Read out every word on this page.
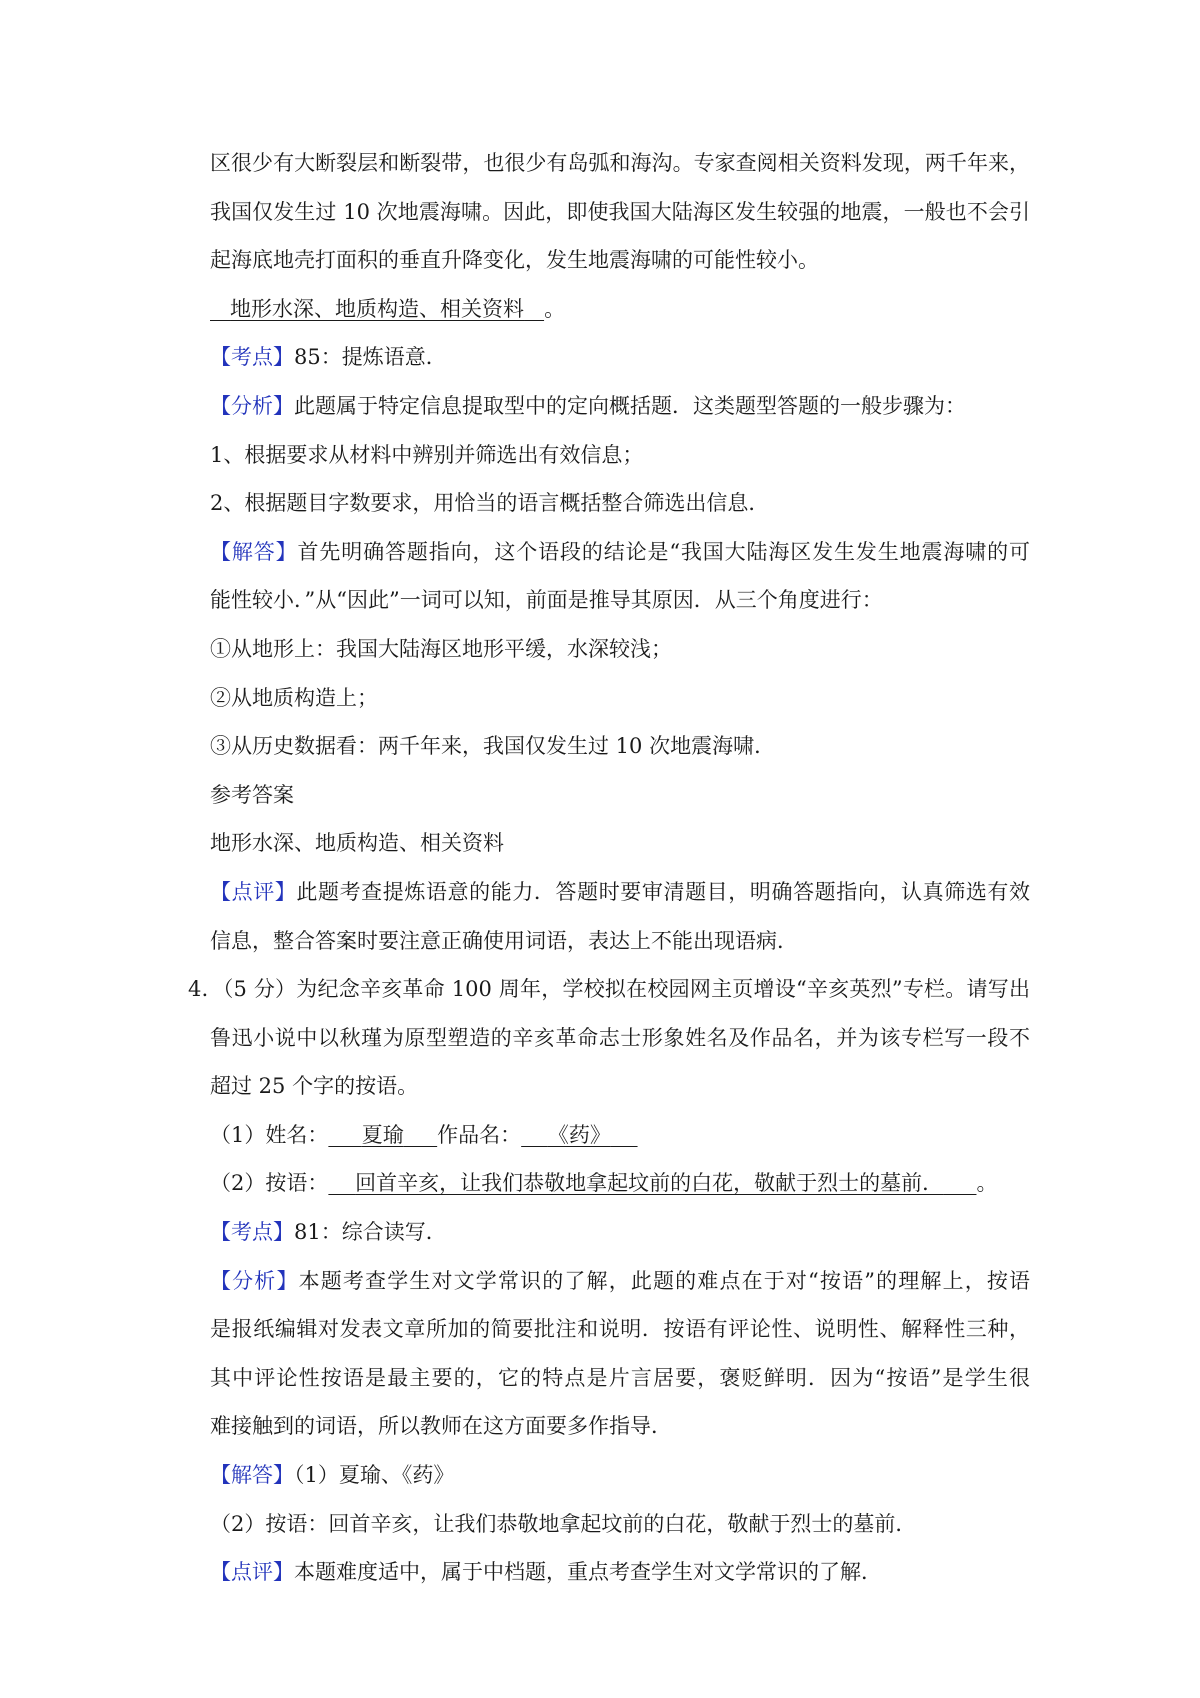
区很少有大断裂层和断裂带，也很少有岛弧和海沟。专家查阅相关资料发现，两千年来，
我国仅发生过 10 次地震海啸。因此，即使我国大陆海区发生较强的地震，一般也不会引
起海底地壳打面积的垂直升降变化，发生地震海啸的可能性较小。
地形水深、地质构造、相关资料 。
【考点】85：提炼语意．
【分析】此题属于特定信息提取型中的定向概括题．这类题型答题的一般步骤为：
1、根据要求从材料中辨别并筛选出有效信息；
2、根据题目字数要求，用恰当的语言概括整合筛选出信息．
【解答】首先明确答题指向，这个语段的结论是“我国大陆海区发生发生地震海啸的可
能性较小．”从“因此”一词可以知，前面是推导其原因．从三个角度进行：
①从地形上：我国大陆海区地形平缓，水深较浅；
②从地质构造上；
③从历史数据看：两千年来，我国仅发生过 10 次地震海啸．
参考答案
地形水深、地质构造、相关资料
【点评】此题考查提炼语意的能力．答题时要审清题目，明确答题指向，认真筛选有效
信息，整合答案时要注意正确使用词语，表达上不能出现语病．
4．（5 分）为纪念辛亥革命 100 周年，学校拟在校园网主页增设“辛亥英烈”专栏。请写出
鲁迅小说中以秋瑾为原型塑造的辛亥革命志士形象姓名及作品名，并为该专栏写一段不
超过 25 个字的按语。
（1）姓名： 夏瑜 作品名： 《药》
（2）按语： 回首辛亥，让我们恭敬地拿起坟前的白花，敬献于烈士的墓前． 。
【考点】81：综合读写．
【分析】本题考查学生对文学常识的了解，此题的难点在于对“按语”的理解上，按语
是报纸编辑对发表文章所加的简要批注和说明．按语有评论性、说明性、解释性三种，
其中评论性按语是最主要的，它的特点是片言居要，褒贬鲜明．因为“按语”是学生很
难接触到的词语，所以教师在这方面要多作指导．
【解答】（1）夏瑜、《药》
（2）按语：回首辛亥，让我们恭敬地拿起坟前的白花，敬献于烈士的墓前．
【点评】本题难度适中，属于中档题，重点考查学生对文学常识的了解．
